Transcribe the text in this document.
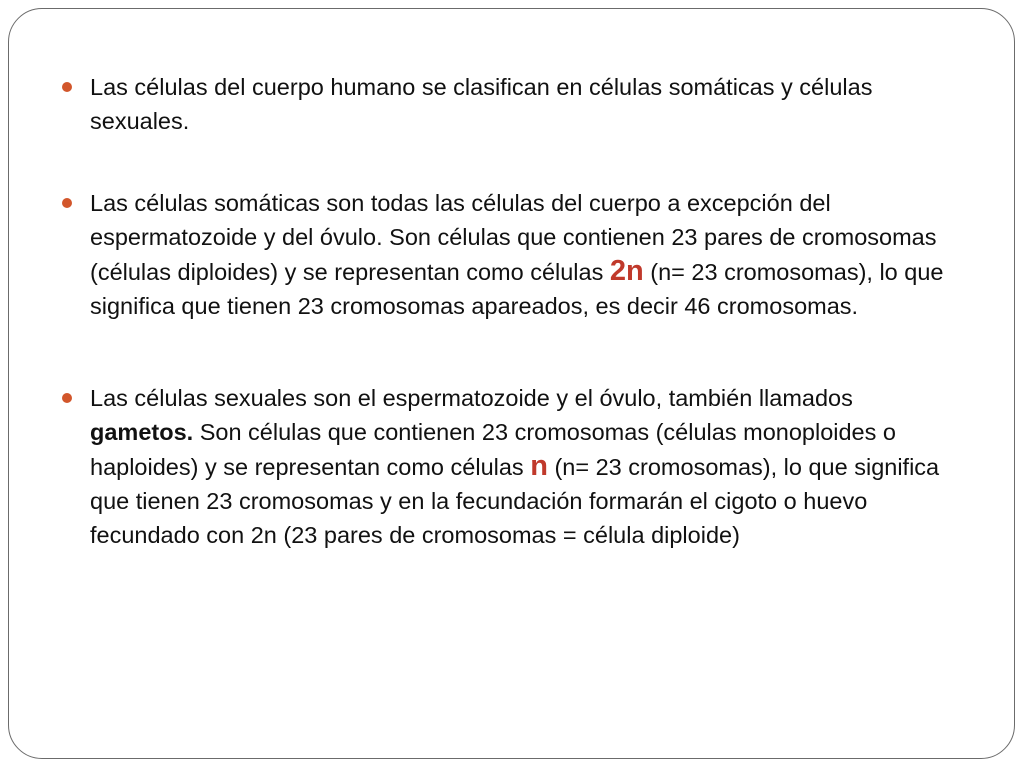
Las células del cuerpo humano se clasifican en células somáticas y células sexuales.
Las células somáticas son todas las células del cuerpo a excepción del espermatozoide y del óvulo. Son células que contienen 23 pares de cromosomas (células diploides) y se representan como células 2n (n= 23 cromosomas), lo que significa que tienen 23 cromosomas apareados, es decir 46 cromosomas.
Las células sexuales son el espermatozoide y el óvulo, también llamados gametos. Son células que contienen 23 cromosomas (células monoploides o haploides) y se representan como células n (n= 23 cromosomas), lo que significa que tienen 23 cromosomas y en la fecundación formarán el cigoto o huevo fecundado con 2n (23 pares de cromosomas = célula diploide)
